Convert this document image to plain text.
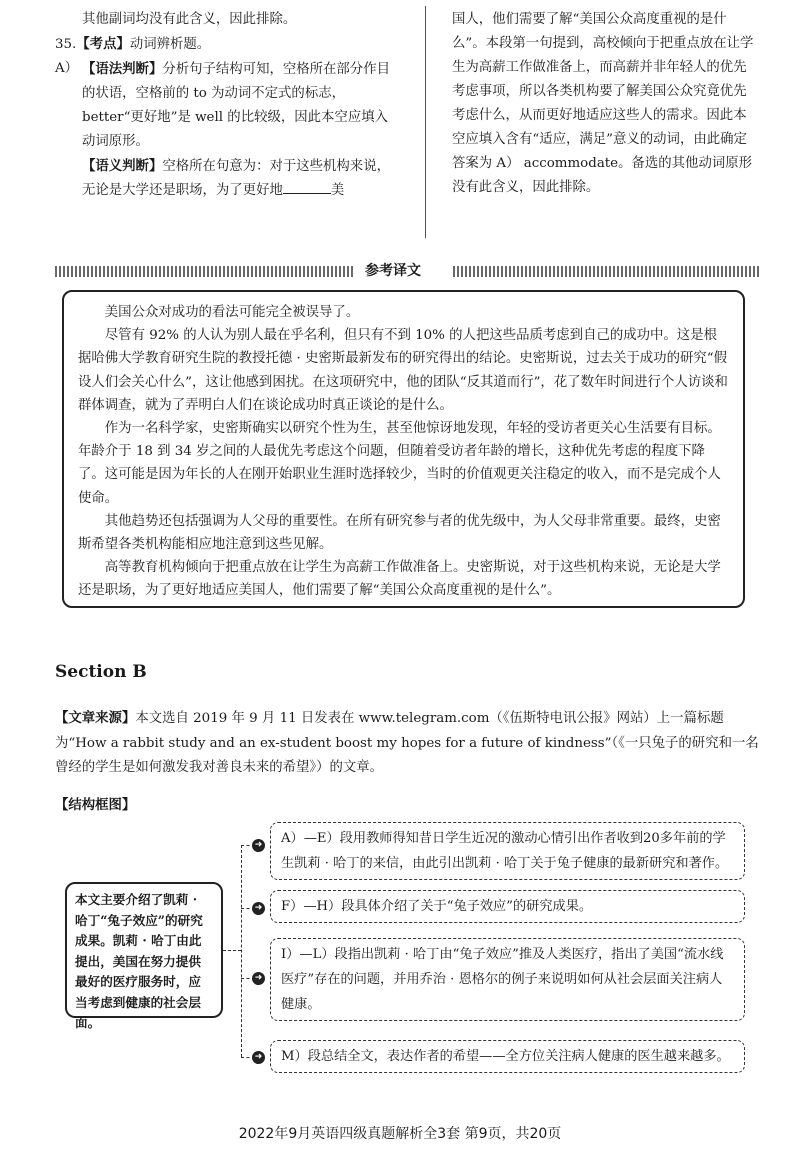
其他副词均没有此含义，因此排除。

35.【考点】动词辨析题。

A） 【语法判断】分析句子结构可知，空格所在部分作目的状语，空格前的 to 为动词不定式的标志，better“更好地”是 well 的比较级，因此本空应填入动词原形。

【语义判断】空格所在句意为：对于这些机构来说，无论是大学还是职场，为了更好地	美

国人，他们需要了解“美国公众高度重视的是什么”。本段第一句提到，高校倾向于把重点放在让学生为高薪工作做准备上，而高薪并非年轻人的优先考虑事项，所以各类机构要了解美国公众究竟优先考虑什么，从而更好地适应这些人的需求。因此本空应填入含有“适应，满足”意义的动词，由此确定答案为 A） accommodate。备选的其他动词原形没有此含义，因此排除。

参考译文

美国公众对成功的看法可能完全被误导了。

尽管有 92% 的人认为别人最在乎名利，但只有不到 10% 的人把这些品质考虑到自己的成功中。这是根据哈佛大学教育研究生院的教授托德 · 史密斯最新发布的研究得出的结论。史密斯说，过去关于成功的研究“假设人们会关心什么”，这让他感到困扰。在这项研究中，他的团队“反其道而行”，花了数年时间进行个人访谈和群体调查，就为了弄明白人们在谈论成功时真正谈论的是什么。

作为一名科学家，史密斯确实以研究个性为生，甚至他惊讶地发现，年轻的受访者更关心生活要有目标。年龄介于 18 到 34 岁之间的人最优先考虑这个问题，但随着受访者年龄的增长，这种优先考虑的程度下降了。这可能是因为年长的人在刚开始职业生涯时选择较少，当时的价值观更关注稳定的收入，而不是完成个人使命。

其他趋势还包括强调为人父母的重要性。在所有研究参与者的优先级中，为人父母非常重要。最终，史密斯希望各类机构能相应地注意到这些见解。

高等教育机构倾向于把重点放在让学生为高薪工作做准备上。史密斯说，对于这些机构来说，无论是大学还是职场，为了更好地适应美国人，他们需要了解“美国公众高度重视的是什么”。

Section B

【文章来源】本文选自 2019 年 9 月 11 日发表在 www.telegram.com（《伍斯特电讯公报》网站）上一篇标题为“How a rabbit study and an ex-student boost my hopes for a future of kindness”（《一只兔子的研究和一名曾经的学生是如何激发我对善良未来的希望》）的文章。

【结构框图】
本文主要介绍了凯莉 · 哈丁“兔子效应”的研究成果。凯莉 · 哈丁由此提出，美国在努力提供最好的医疗服务时，应当考虑到健康的社会层面。
➜	A）—E）段用教师得知昔日学生近况的激动心情引出作者收到20多年前的学生凯莉 · 哈丁的来信，由此引出凯莉 · 哈丁关于兔子健康的最新研究和著作。
➜	F）—H）段具体介绍了关于“兔子效应”的研究成果。
➜
I）—L）段指出凯莉 · 哈丁由“兔子效应”推及人类医疗，指出了美国“流水线医疗”存在的问题，并用乔治 · 恩格尔的例子来说明如何从社会层面关注病人健康。
➜	M）段总结全文，表达作者的希望——全方位关注病人健康的医生越来越多。
2022年9月英语四级真题解析全3套 第9页，共20页
